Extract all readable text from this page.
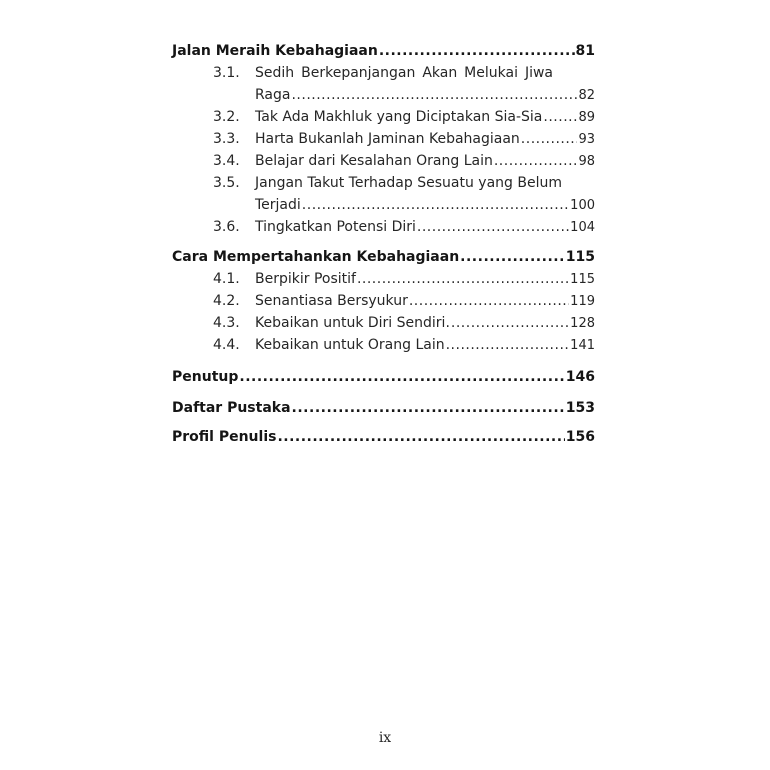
Jalan Meraih Kebahagiaan .....	81
3.1. Sedih Berkepanjangan Akan Melukai Jiwa
Raga .....	82
3.2. Tak Ada Makhluk yang Diciptakan Sia-Sia .....	89
3.3. Harta Bukanlah Jaminan Kebahagiaan .....	93
3.4. Belajar dari Kesalahan Orang Lain .....	98
3.5. Jangan Takut Terhadap Sesuatu yang Belum
Terjadi .....	100
3.6. Tingkatkan Potensi Diri .....	104
Cara Mempertahankan Kebahagiaan .....	115
4.1. Berpikir Positif .....	115
4.2. Senantiasa Bersyukur .....	119
4.3. Kebaikan untuk Diri Sendiri. .....	128
4.4. Kebaikan untuk Orang Lain .....	141
Penutup .....	146
Daftar Pustaka .....	153
Profil Penulis .....	156
ix
